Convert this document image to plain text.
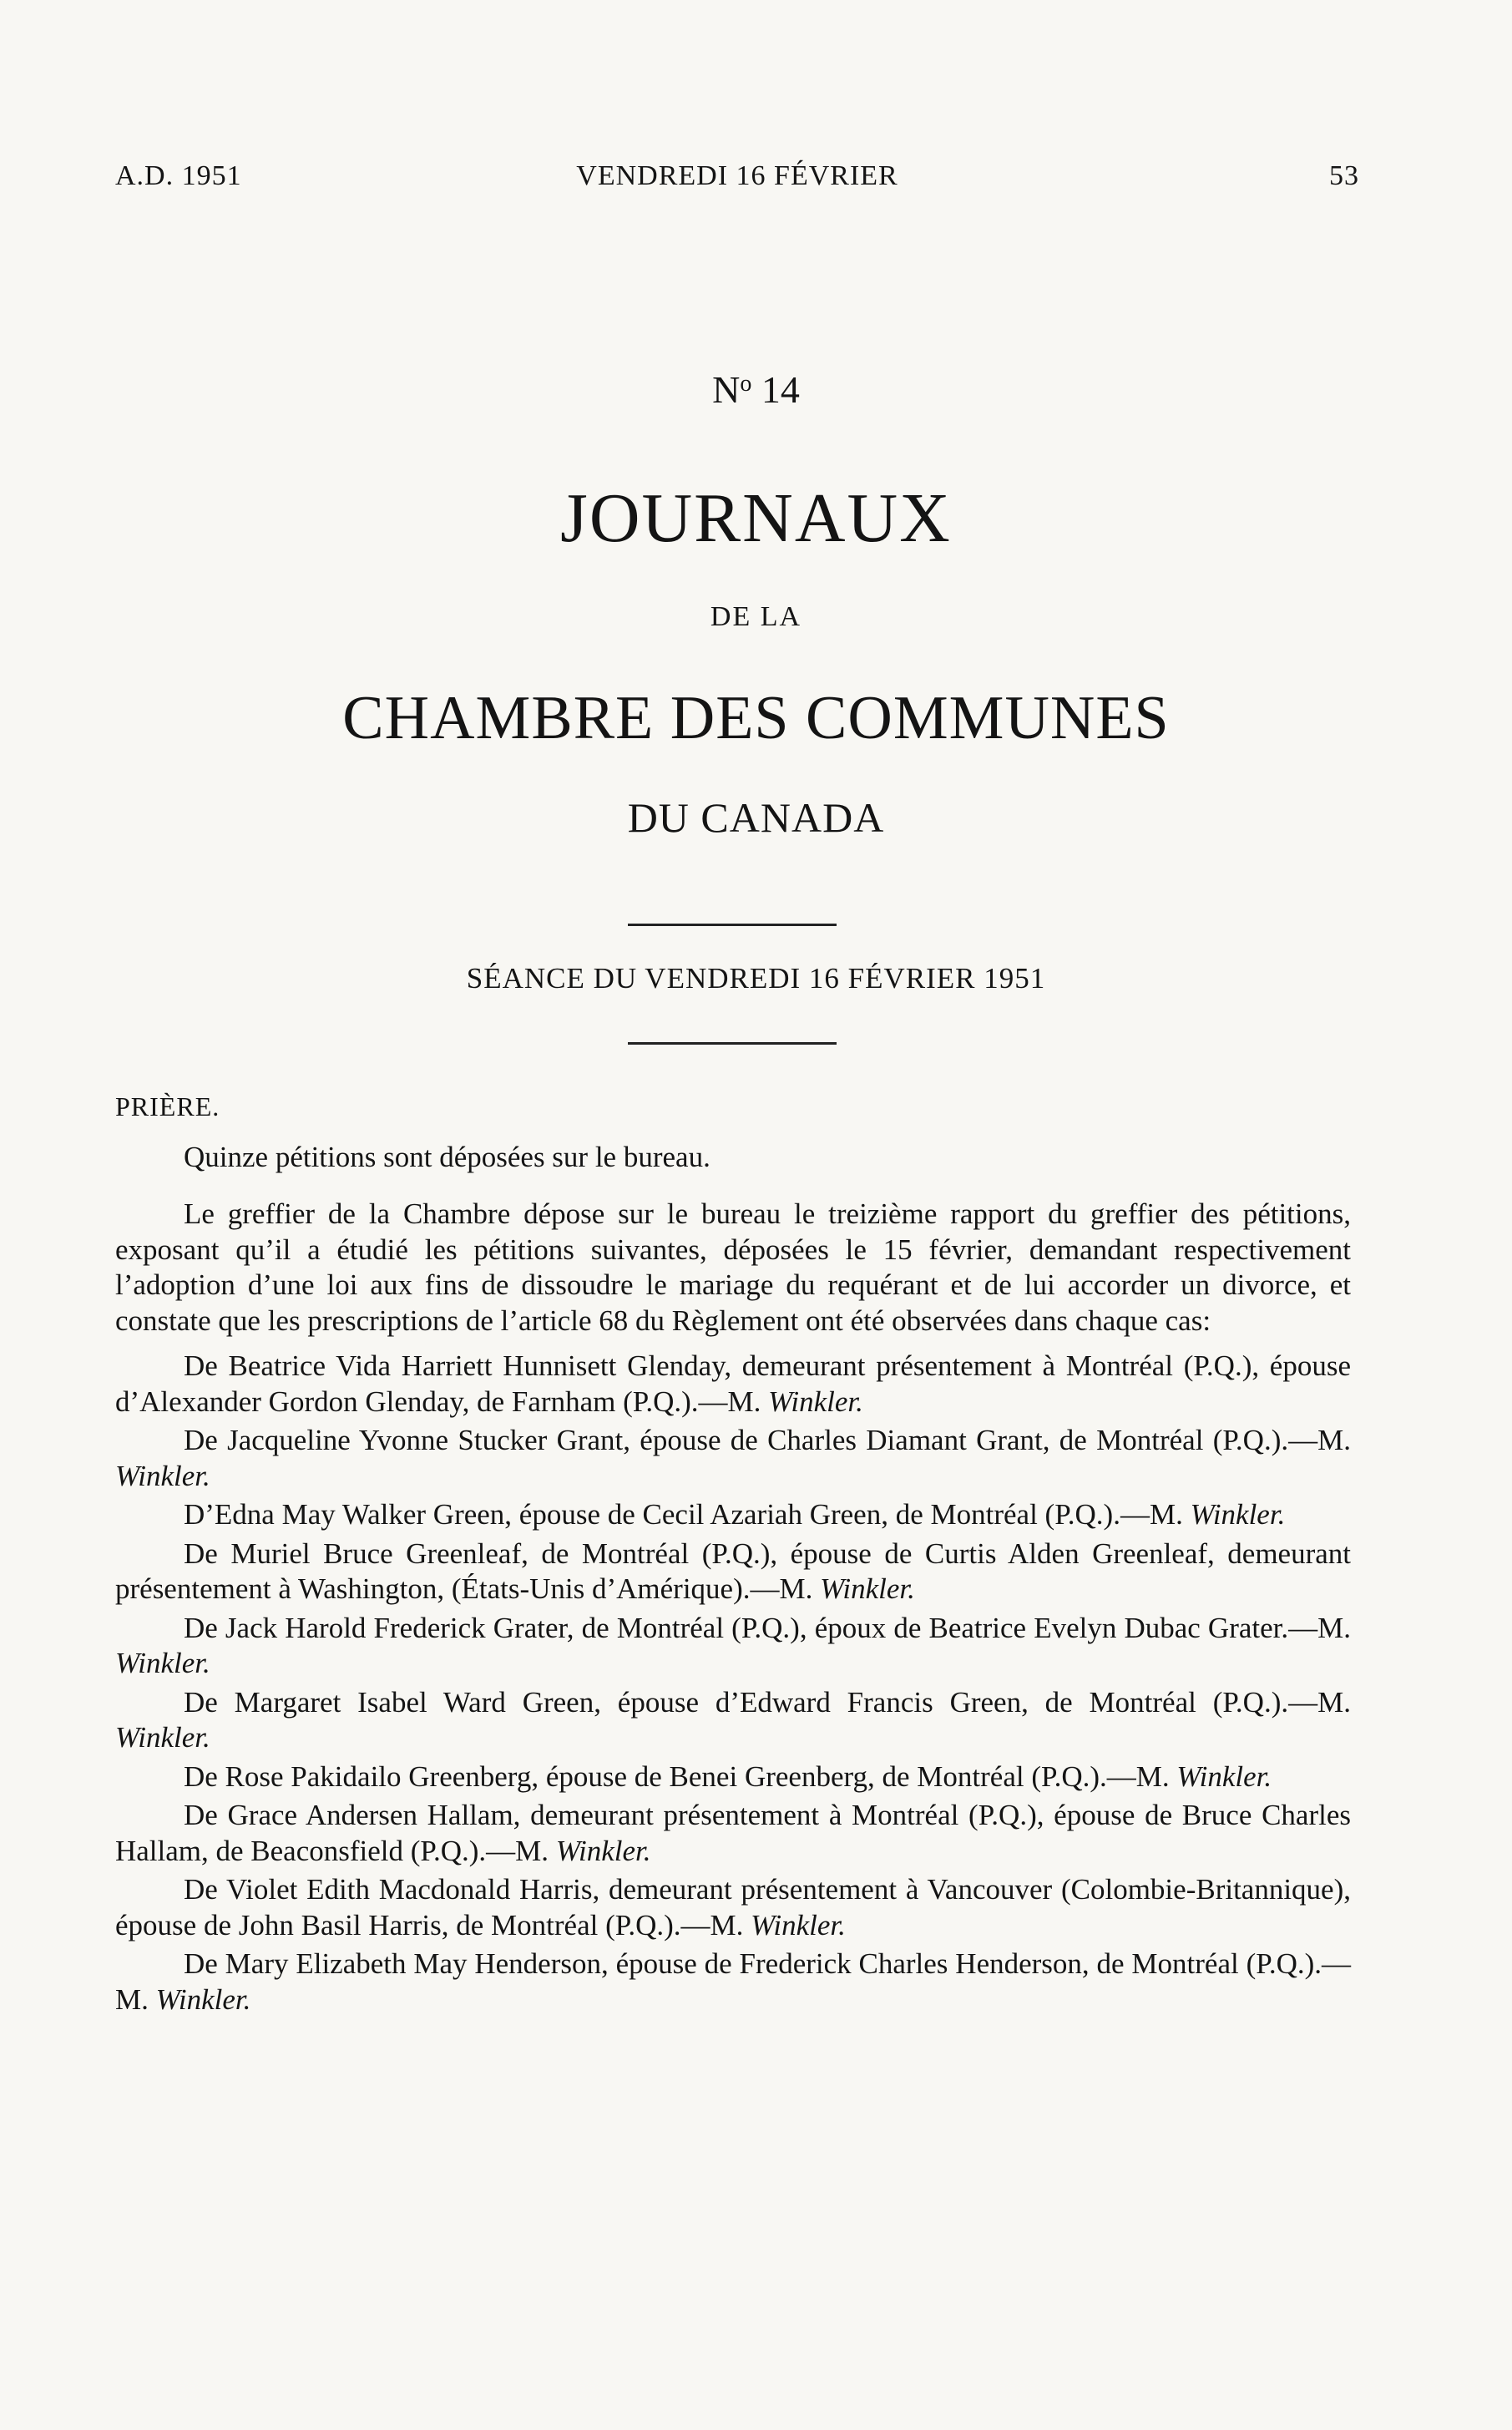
VENDREDI 16 FÉVRIER
A.D. 1951	53
$N^o$ 14
JOURNAUX
DE LA
CHAMBRE DES COMMUNES
DU CANADA
SÉANCE DU VENDREDI 16 FÉVRIER 1951

PRIÈRE.

Quinze pétitions sont déposées sur le bureau.

Le greffier de la Chambre dépose sur le bureau le treizième rapport du greffier des pétitions, exposant qu’il a étudié les pétitions suivantes, déposées le 15 février, demandant respectivement l’adoption d’une loi aux fins de dissoudre le mariage du requérant et de lui accorder un divorce, et constate que les prescriptions de l’article 68 du Règlement ont été observées dans chaque cas:

De Beatrice Vida Harriett Hunnisett Glenday, demeurant présentement à Montréal (P.Q.), épouse d’Alexander Gordon Glenday, de Farnham (P.Q.).—M. Winkler.

De Jacqueline Yvonne Stucker Grant, épouse de Charles Diamant Grant, de Montréal (P.Q.).—M. Winkler.

D’Edna May Walker Green, épouse de Cecil Azariah Green, de Montréal (P.Q.).—M. Winkler.

De Muriel Bruce Greenleaf, de Montréal (P.Q.), épouse de Curtis Alden Greenleaf, demeurant présentement à Washington, (États-Unis d’Amérique).—M. Winkler.

De Jack Harold Frederick Grater, de Montréal (P.Q.), époux de Beatrice Evelyn Dubac Grater.—M. Winkler.

De Margaret Isabel Ward Green, épouse d’Edward Francis Green, de Montréal (P.Q.).—M. Winkler.

De Rose Pakidailo Greenberg, épouse de Benei Greenberg, de Montréal (P.Q.).—M. Winkler.

De Grace Andersen Hallam, demeurant présentement à Montréal (P.Q.), épouse de Bruce Charles Hallam, de Beaconsfield (P.Q.).—M. Winkler.

De Violet Edith Macdonald Harris, demeurant présentement à Vancouver (Colombie-Britannique), épouse de John Basil Harris, de Montréal (P.Q.).—M. Winkler.

De Mary Elizabeth May Henderson, épouse de Frederick Charles Henderson, de Montréal (P.Q.).—M. Winkler.
